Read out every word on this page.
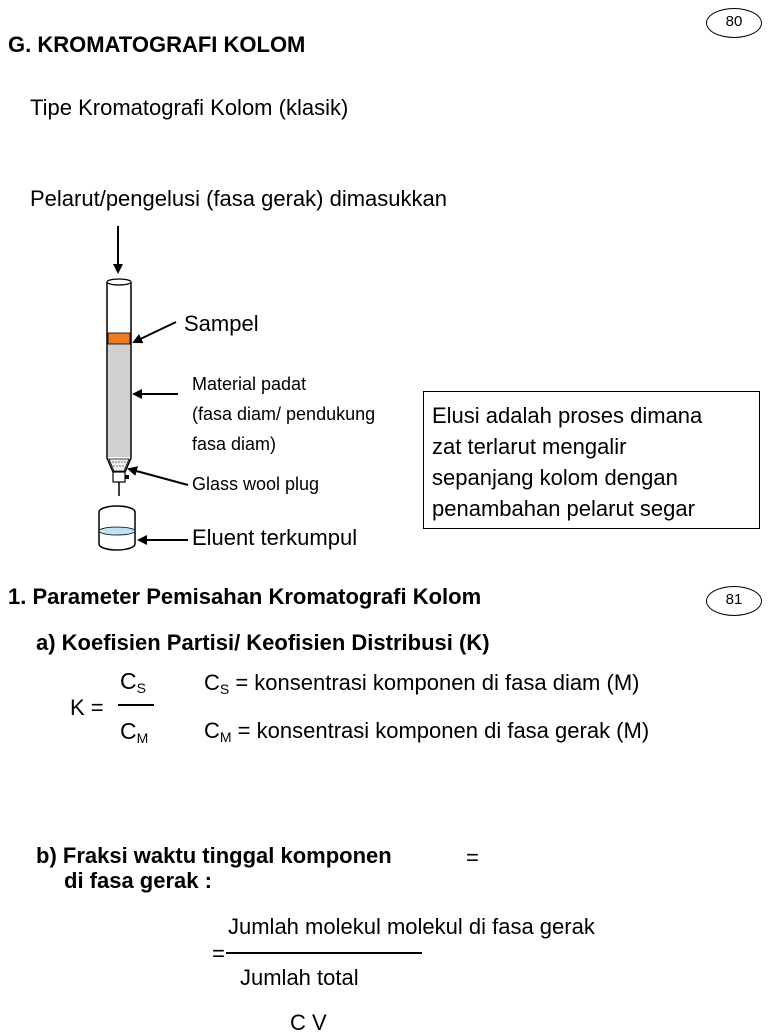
80
G. KROMATOGRAFI KOLOM
Tipe Kromatografi Kolom (klasik)
Pelarut/pengelusi (fasa gerak) dimasukkan
Sampel
Material padat
(fasa diam/ pendukung
fasa diam)
Glass wool plug
Eluent terkumpul
Elusi adalah proses dimana
zat terlarut mengalir
sepanjang kolom dengan
penambahan pelarut segar
1. Parameter Pemisahan Kromatografi Kolom	81
a) Koefisien Partisi/ Keofisien Distribusi (K)
K =
$C_S$
$C_M$
$C_S$ = konsentrasi komponen di fasa diam (M)
$C_M$ = konsentrasi komponen di fasa gerak (M)
b) Fraksi waktu tinggal komponen	=
di fasa gerak :
=
Jumlah molekul molekul di fasa gerak
Jumlah total
C V
